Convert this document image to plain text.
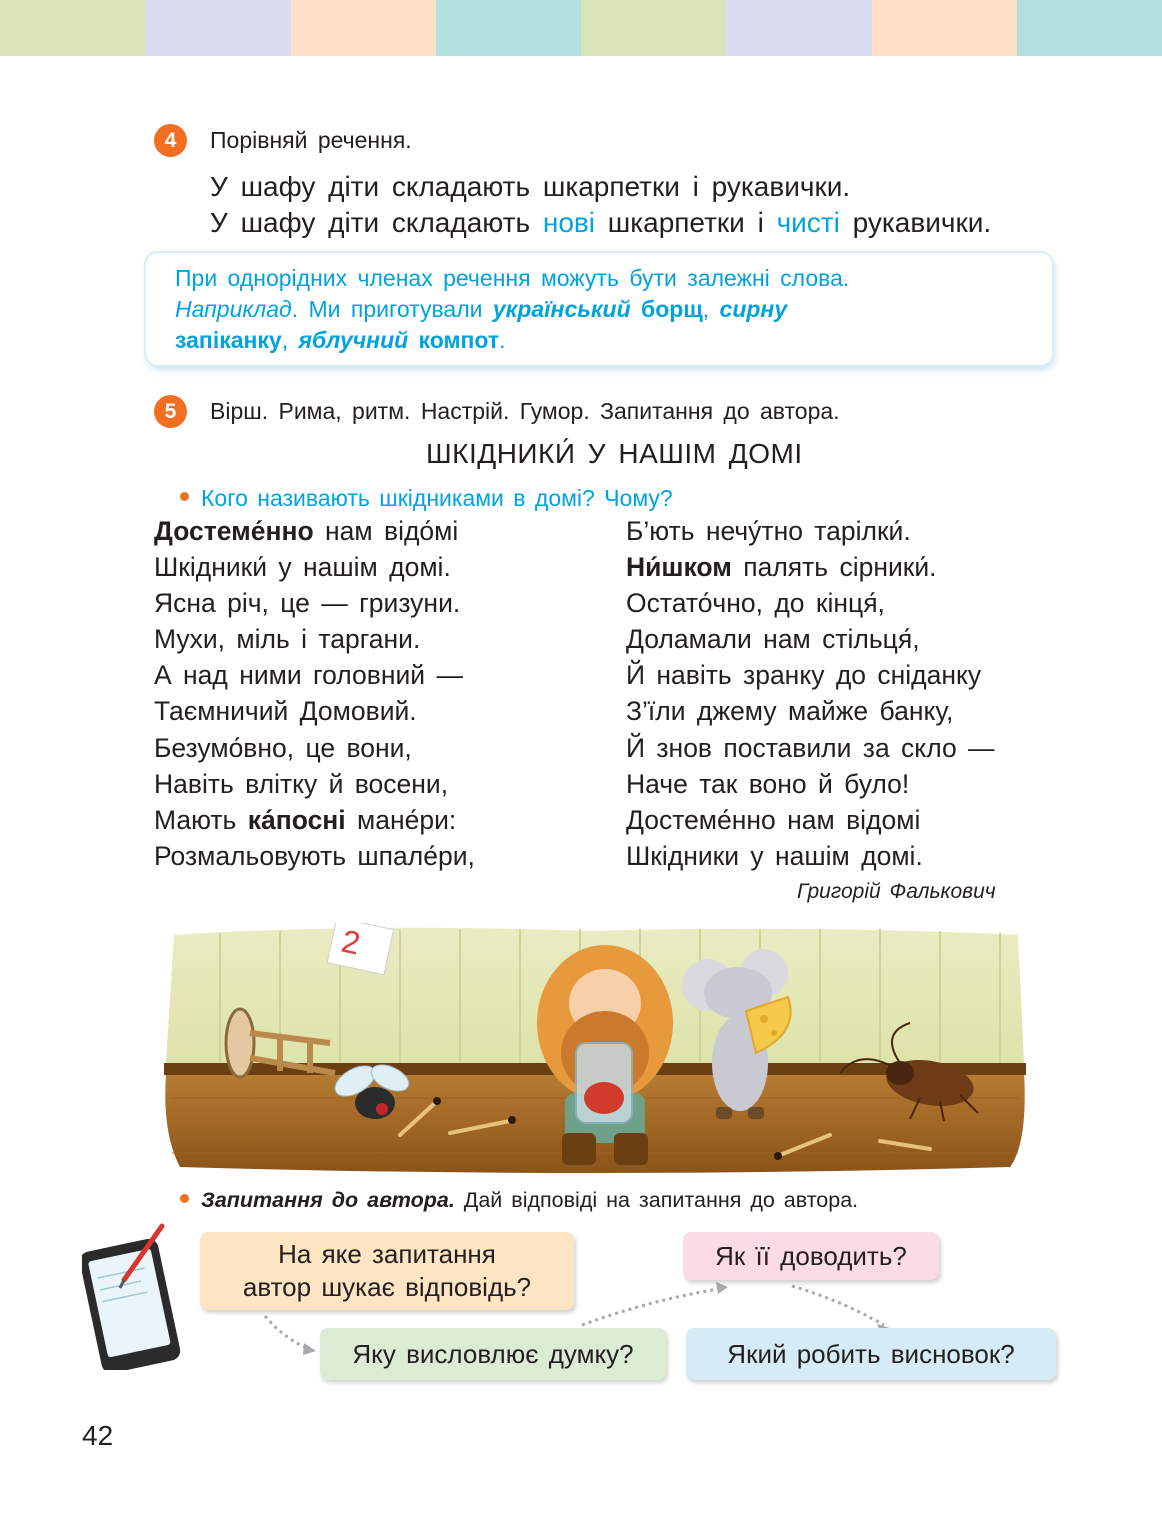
4	Порівняй речення.
У шафу діти складають шкарпетки і рукавички.
У шафу діти складають нові шкарпетки і чисті рукавички.
При однорідних членах речення можуть бути залежні слова.
Наприклад. Ми приготували український борщ, сирну
запіканку, яблучний компот.
5	Вірш. Рима, ритм. Настрій. Гумор. Запитання до автора.
ШКІДНИКИ́ У НАШІМ ДОМІ
Кого називають шкідниками в домі? Чому?
Достеме́нно нам відо́мі
Шкідники́ у нашім домі.
Ясна річ, це — гризуни.
Мухи, міль і таргани.
А над ними головний —
Таємничий Домовий.
Безумо́вно, це вони,
Навіть влітку й восени,
Мають ка́посні мане́ри:
Розмальовують шпале́ри,
Б’ють нечу́тно тарілки́.
Ни́шком палять сірники́.
Остато́чно, до кінця́,
Доламали нам стільця́,
Й навіть зранку до сніданку
З’їли джему майже банку,
Й знов поставили за скло —
Наче так воно й було!
Достеме́нно нам відомі
Шкідники у нашім домі.
Григорій Фалькович
2
Запитання до автора. Дай відповіді на запитання до автора.
На яке запитання
автор шукає відповідь?
Яку висловлює думку?
Як її доводить?
Який робить висновок?
42
